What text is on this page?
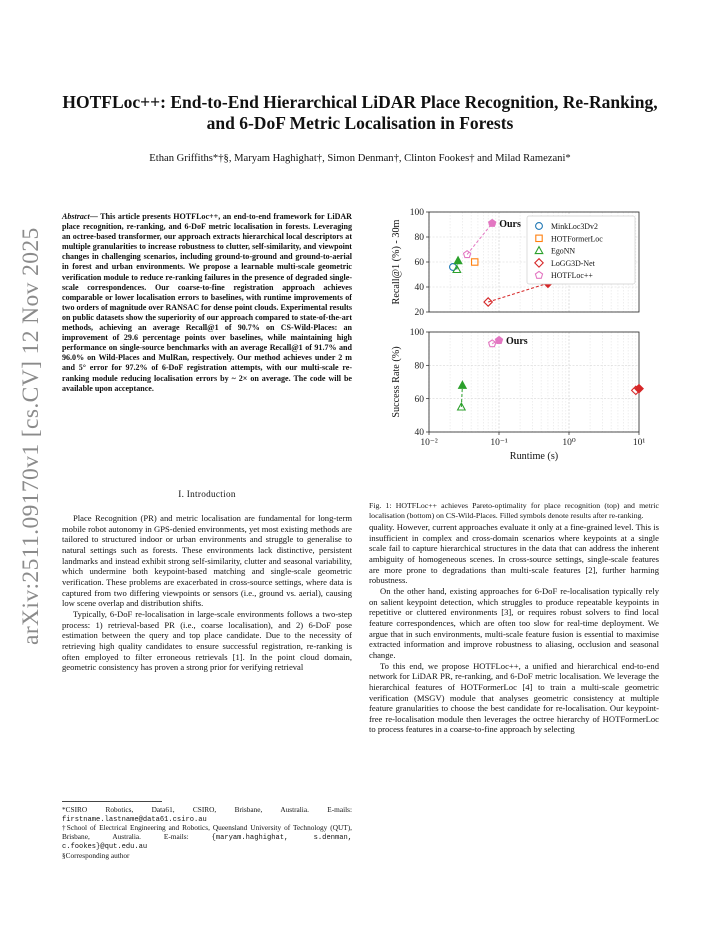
arXiv:2511.09170v1 [cs.CV] 12 Nov 2025
HOTFLoc++: End-to-End Hierarchical LiDAR Place Recognition, Re-Ranking, and 6-DoF Metric Localisation in Forests
Ethan Griffiths*†§, Maryam Haghighat†, Simon Denman†, Clinton Fookes† and Milad Ramezani*
Abstract— This article presents HOTFLoc++, an end-to-end framework for LiDAR place recognition, re-ranking, and 6-DoF metric localisation in forests. Leveraging an octree-based transformer, our approach extracts hierarchical local descriptors at multiple granularities to increase robustness to clutter, self-similarity, and viewpoint changes in challenging scenarios, including ground-to-ground and ground-to-aerial in forest and urban environments. We propose a learnable multi-scale geometric verification module to reduce re-ranking failures in the presence of degraded single-scale correspondences. Our coarse-to-fine registration approach achieves comparable or lower localisation errors to baselines, with runtime improvements of two orders of magnitude over RANSAC for dense point clouds. Experimental results on public datasets show the superiority of our approach compared to state-of-the-art methods, achieving an average Recall@1 of 90.7% on CS-Wild-Places: an improvement of 29.6 percentage points over baselines, while maintaining high performance on single-source benchmarks with an average Recall@1 of 91.7% and 96.0% on Wild-Places and MulRan, respectively. Our method achieves under 2 m and 5° error for 97.2% of 6-DoF registration attempts, with our multi-scale re-ranking module reducing localisation errors by ~ 2× on average. The code will be available upon acceptance.
I. Introduction

Place Recognition (PR) and metric localisation are fundamental for long-term mobile robot autonomy in GPS-denied environments, yet most existing methods are tailored to structured indoor or urban environments and struggle to generalise to natural settings such as forests. These environments lack distinctive, persistent landmarks and instead exhibit strong self-similarity, clutter and seasonal variability, which undermine both keypoint-based matching and single-scale geometric verification. These problems are exacerbated in cross-source settings, where data is captured from two differing viewpoints or sensors (i.e., ground vs. aerial), causing low scene overlap and distribution shifts.

Typically, 6-DoF re-localisation in large-scale environments follows a two-step process: 1) retrieval-based PR (i.e., coarse localisation), and 2) 6-DoF pose estimation between the query and top place candidate. Due to the necessity of retrieving high quality candidates to ensure successful registration, re-ranking is often employed to filter erroneous retrievals [1]. In the point cloud domain, geometric consistency has proven a strong prior for verifying retrieval

*CSIRO Robotics, Data61, CSIRO, Brisbane, Australia. E-mails: firstname.lastname@data61.csiro.au
†School of Electrical Engineering and Robotics, Queensland University of Technology (QUT), Brisbane, Australia. E-mails: {maryam.haghighat, s.denman, c.fookes}@qut.edu.au
§Corresponding author
20
40
60
80
100
Recall@1 (%) - 30m	Ours	MinkLoc3Dv2
HOTFormerLoc
EgoNN
LoGG3D-Net
HOTFLoc++
40
60
80
100
Success Rate (%)
Ours
10⁻²	10⁻¹	10⁰	10¹
Runtime (s)
Fig. 1: HOTFLoc++ achieves Pareto-optimality for place recognition (top) and metric localisation (bottom) on CS-Wild-Places. Filled symbols denote results after re-ranking.

quality. However, current approaches evaluate it only at a fine-grained level. This is insufficient in complex and cross-domain scenarios where keypoints at a single scale fail to capture hierarchical structures in the data that can address the inherent ambiguity of homogeneous scenes. In cross-source settings, single-scale features are more prone to degradations than multi-scale features [2], further harming robustness.

On the other hand, existing approaches for 6-DoF re-localisation typically rely on salient keypoint detection, which struggles to produce repeatable keypoints in repetitive or cluttered environments [3], or requires robust solvers to find local feature correspondences, which are often too slow for real-time deployment. We argue that in such environments, multi-scale feature fusion is essential to maximise extracted information and improve robustness to aliasing, occlusion and seasonal change.

To this end, we propose HOTFLoc++, a unified and hierarchical end-to-end network for LiDAR PR, re-ranking, and 6-DoF metric localisation. We leverage the hierarchical features of HOTFormerLoc [4] to train a multi-scale geometric verification (MSGV) module that analyses geometric consistency at multiple feature granularities to choose the best candidate for re-localisation. Our keypoint-free re-localisation module then leverages the octree hierarchy of HOTFormerLoc to process features in a coarse-to-fine approach by selecting
